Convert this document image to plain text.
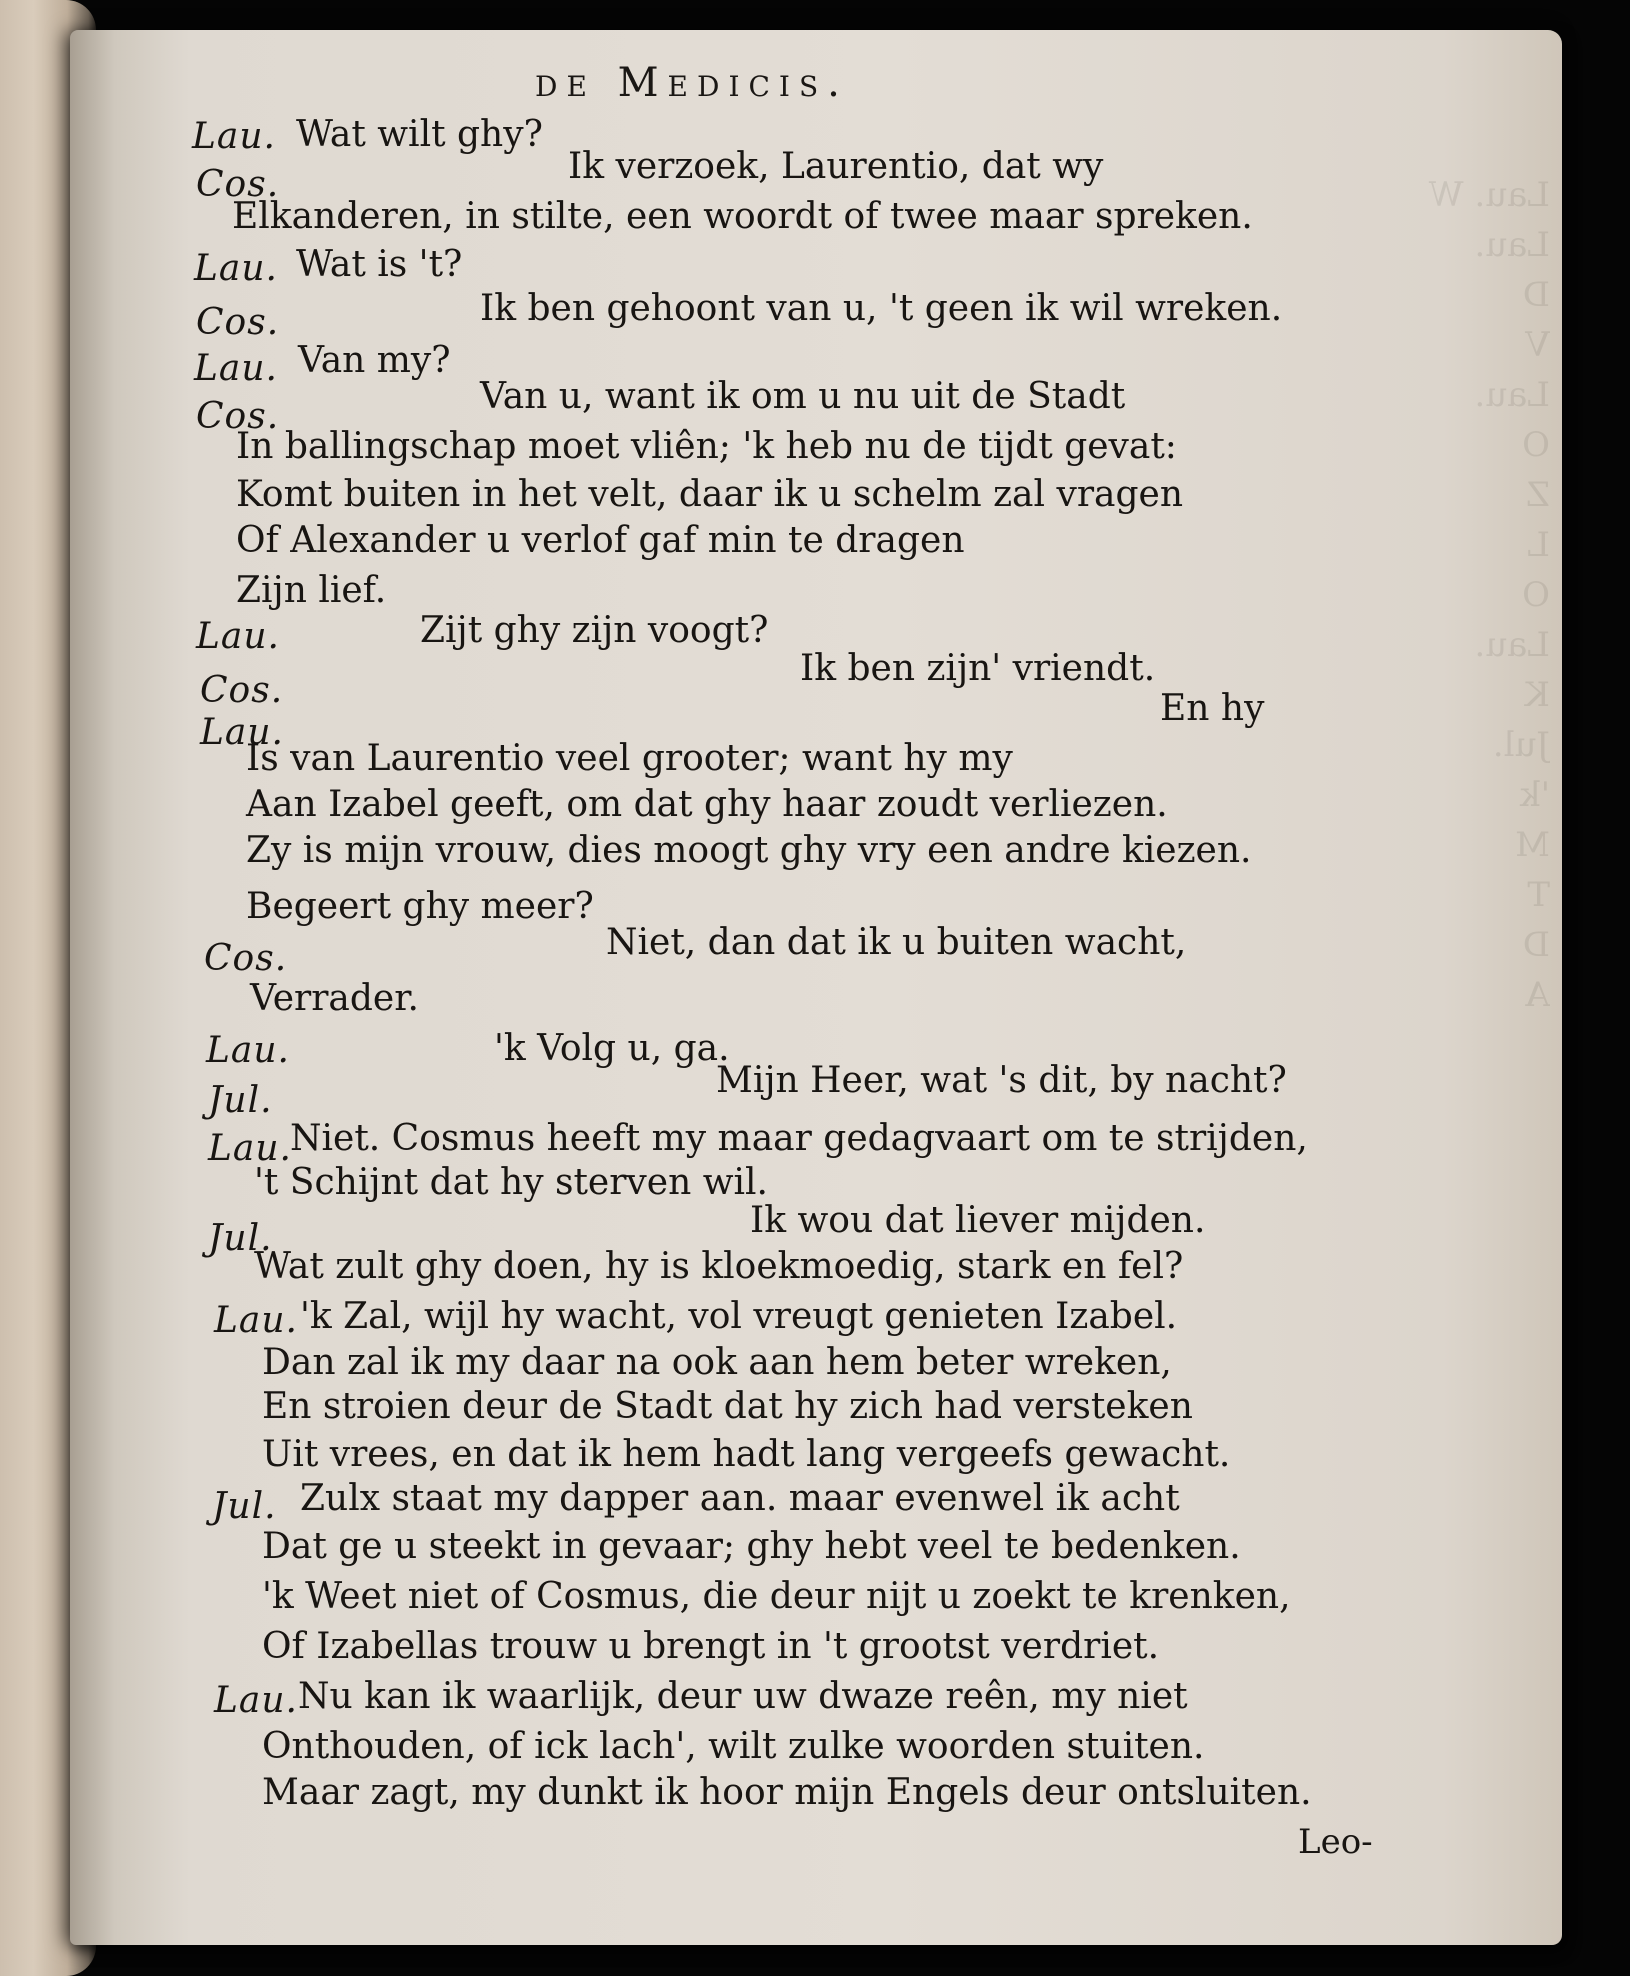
Lau. W
Lau.
D
V
Lau.
O
Z
L
O
Lau.
K
Jul.
'k
M
T
D
A

de Medicis.
Lau.
Cos.
Lau.
Cos.
Lau.
Cos.
Lau.
Cos.
Lau.
Cos.
Lau.
Jul.
Lau.
Jul.
Lau.
Jul.
Lau.
Wat wilt ghy?
Ik verzoek, Laurentio, dat wy
Elkanderen, in stilte, een woordt of twee maar spreken.
Wat is 't?
Ik ben gehoont van u, 't geen ik wil wreken.
Van my?
Van u, want ik om u nu uit de Stadt
In ballingschap moet vliên; 'k heb nu de tijdt gevat:
Komt buiten in het velt, daar ik u schelm zal vragen
Of Alexander u verlof gaf min te dragen
Zijn lief.
Zijt ghy zijn voogt?
Ik ben zijn' vriendt.
En hy
Is van Laurentio veel grooter; want hy my
Aan Izabel geeft, om dat ghy haar zoudt verliezen.
Zy is mijn vrouw, dies moogt ghy vry een andre kiezen.
Begeert ghy meer?
Niet, dan dat ik u buiten wacht,
Verrader.
'k Volg u, ga.
Mijn Heer, wat 's dit, by nacht?
Niet. Cosmus heeft my maar gedagvaart om te strijden,
't Schijnt dat hy sterven wil.
Ik wou dat liever mijden.
Wat zult ghy doen, hy is kloekmoedig, stark en fel?
'k Zal, wijl hy wacht, vol vreugt genieten Izabel.
Dan zal ik my daar na ook aan hem beter wreken,
En stroien deur de Stadt dat hy zich had versteken
Uit vrees, en dat ik hem hadt lang vergeefs gewacht.
Zulx staat my dapper aan. maar evenwel ik acht
Dat ge u steekt in gevaar; ghy hebt veel te bedenken.
'k Weet niet of Cosmus, die deur nijt u zoekt te krenken,
Of Izabellas trouw u brengt in 't grootst verdriet.
Nu kan ik waarlijk, deur uw dwaze reên, my niet
Onthouden, of ick lach', wilt zulke woorden stuiten.
Maar zagt, my dunkt ik hoor mijn Engels deur ontsluiten.
Leo-
